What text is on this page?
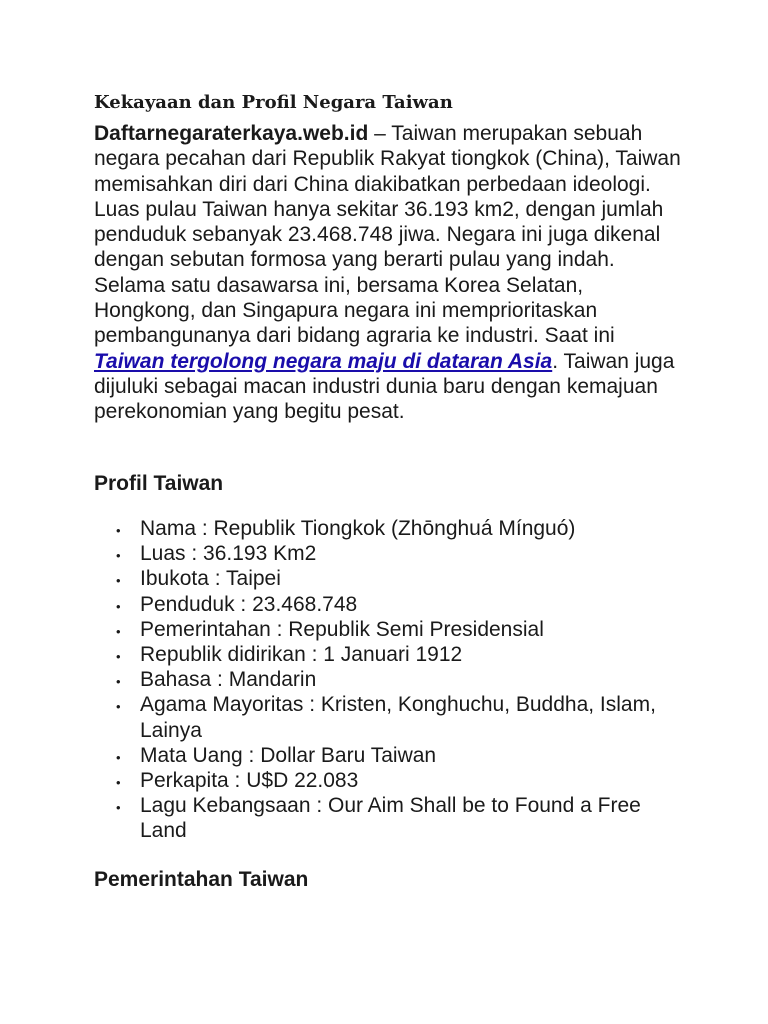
Kekayaan dan Profil Negara Taiwan

Daftarnegaraterkaya.web.id – Taiwan merupakan sebuah negara pecahan dari Republik Rakyat tiongkok (China), Taiwan memisahkan diri dari China diakibatkan perbedaan ideologi. Luas pulau Taiwan hanya sekitar 36.193 km2, dengan jumlah penduduk sebanyak 23.468.748 jiwa. Negara ini juga dikenal dengan sebutan formosa yang berarti pulau yang indah. Selama satu dasawarsa ini, bersama Korea Selatan, Hongkong, dan Singapura negara ini memprioritaskan pembangunanya dari bidang agraria ke industri. Saat ini Taiwan tergolong negara maju di dataran Asia. Taiwan juga dijuluki sebagai macan industri dunia baru dengan kemajuan perekonomian yang begitu pesat.

Profil Taiwan
• Nama : Republik Tiongkok (Zhōnghuá Mínguó)
• Luas : 36.193 Km2
• Ibukota : Taipei
• Penduduk : 23.468.748
• Pemerintahan : Republik Semi Presidensial
• Republik didirikan : 1 Januari 1912
• Bahasa : Mandarin
• Agama Mayoritas : Kristen, Konghuchu, Buddha, Islam, Lainya
• Mata Uang : Dollar Baru Taiwan
• Perkapita : U$D 22.083
• Lagu Kebangsaan : Our Aim Shall be to Found a Free Land
Pemerintahan Taiwan
